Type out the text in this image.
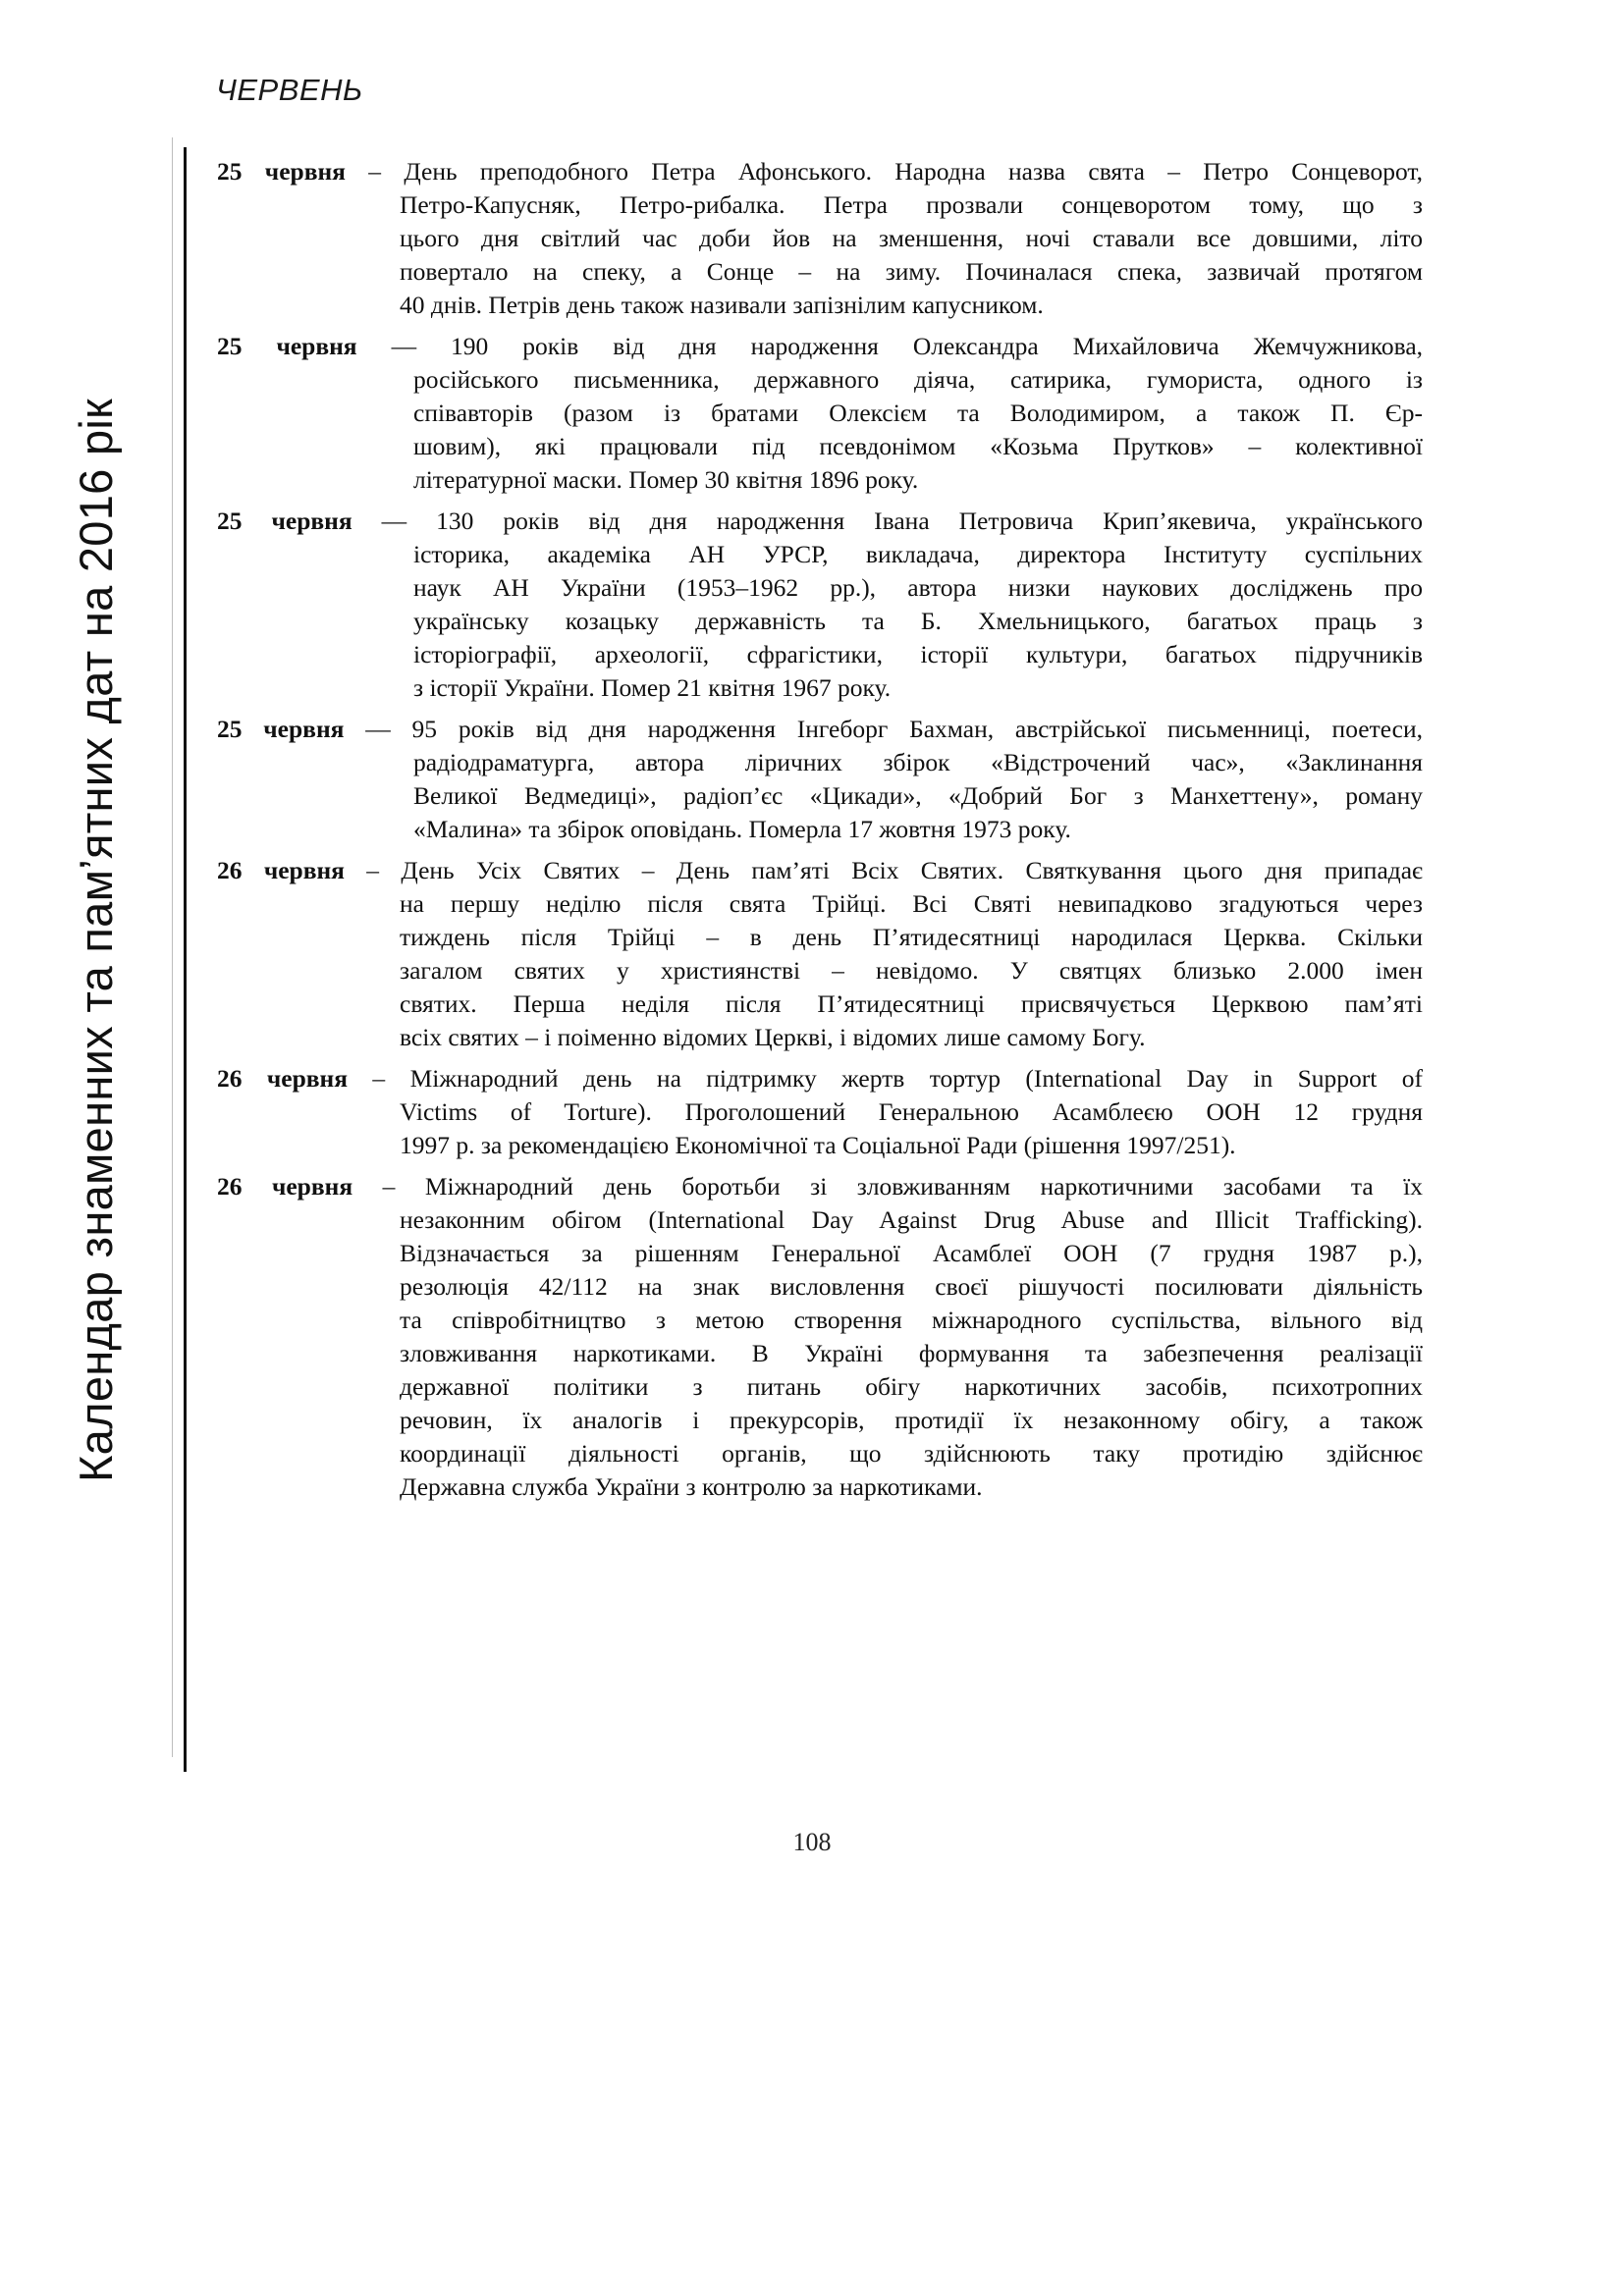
ЧЕРВЕНЬ
Календар знаменних та пам’ятних дат на 2016 рік
25 червня – День преподобного Петра Афонського. Народна назва свята – Петро Сонцеворот,
Петро-Капусняк, Петро-рибалка. Петра прозвали сонцеворотом тому, що з
цього дня світлий час доби йов на зменшення, ночі ставали все довшими, літо
повертало на спеку, а Сонце – на зиму. Починалася спека, зазвичай протягом
40 днів. Петрів день також називали запізнілим капусником.
25 червня — 190 років від дня народження Олександра Михайловича Жемчужникова,
російського письменника, державного діяча, сатирика, гумориста, одного із
співавторів (разом із братами Олексієм та Володимиром, а також П. Єр-
шовим), які працювали під псевдонімом «Козьма Прутков» – колективної
літературної маски. Помер 30 квітня 1896 року.
25 червня — 130 років від дня народження Івана Петровича Крип’якевича, українського
історика, академіка АН УРСР, викладача, директора Інституту суспільних
наук АН України (1953–1962 рр.), автора низки наукових досліджень про
українську козацьку державність та Б. Хмельницького, багатьох праць з
історіографії, археології, сфрагістики, історії культури, багатьох підручників
з історії України. Помер 21 квітня 1967 року.
25 червня — 95 років від дня народження Інгеборг Бахман, австрійської письменниці, поетеси,
радіодраматурга, автора ліричних збірок «Відстрочений час», «Заклинання
Великої Ведмедиці», радіоп’єс «Цикади», «Добрий Бог з Манхеттену», роману
«Малина» та збірок оповідань. Померла 17 жовтня 1973 року.
26 червня – День Усіх Святих – День пам’яті Всіх Святих. Святкування цього дня припадає
на першу неділю після свята Трійці. Всі Святі невипадково згадуються через
тиждень після Трійці – в день П’ятидесятниці народилася Церква. Скільки
загалом святих у християнстві – невідомо. У святцях близько 2.000 імен
святих. Перша неділя після П’ятидесятниці присвячується Церквою пам’яті
всіх святих – і поіменно відомих Церкві, і відомих лише самому Богу.
26 червня – Міжнародний день на підтримку жертв тортур (International Day in Support of
Victims of Torture). Проголошений Генеральною Асамблеєю ООН 12 грудня
1997 р. за рекомендацією Економічної та Соціальної Ради (рішення 1997/251).
26 червня – Міжнародний день боротьби зі зловживанням наркотичними засобами та їх
незаконним обігом (International Day Against Drug Abuse and Illicit Trafficking).
Відзначається за рішенням Генеральної Асамблеї ООН (7 грудня 1987 р.),
резолюція 42/112 на знак висловлення своєї рішучості посилювати діяльність
та співробітництво з метою створення міжнародного суспільства, вільного від
зловживання наркотиками. В Україні формування та забезпечення реалізації
державної політики з питань обігу наркотичних засобів, психотропних
речовин, їх аналогів і прекурсорів, протидії їх незаконному обігу, а також
координації діяльності органів, що здійснюють таку протидію здійснює
Державна служба України з контролю за наркотиками.
108
